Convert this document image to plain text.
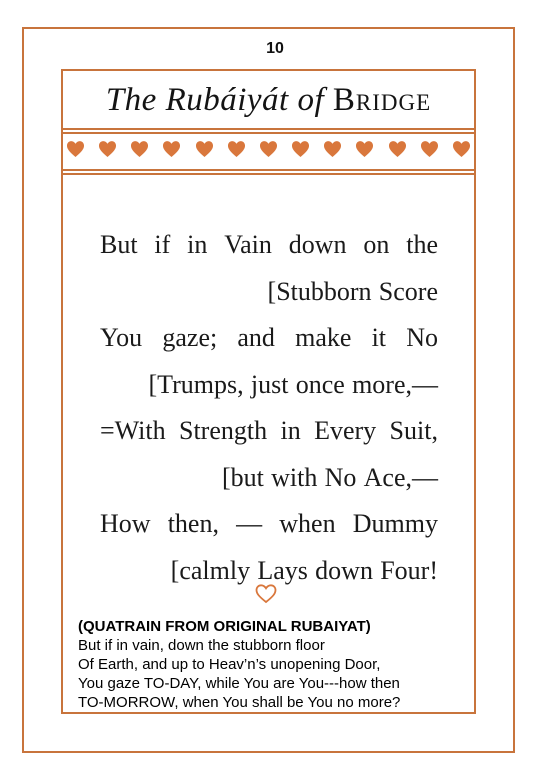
10
The Rubáiyát of Bridge
But if in Vain down on the
[Stubborn Score
You gaze; and make it No
[Trumps, just once more,—
=With Strength in Every Suit,
[but with No Ace,—
How then, — when Dummy
[calmly Lays down Four!
(QUATRAIN FROM ORIGINAL RUBAIYAT)
But if in vain, down the stubborn floor
Of Earth, and up to Heav’n’s unopening Door,
You gaze TO-DAY, while You are You---how then
TO-MORROW, when You shall be You no more?
